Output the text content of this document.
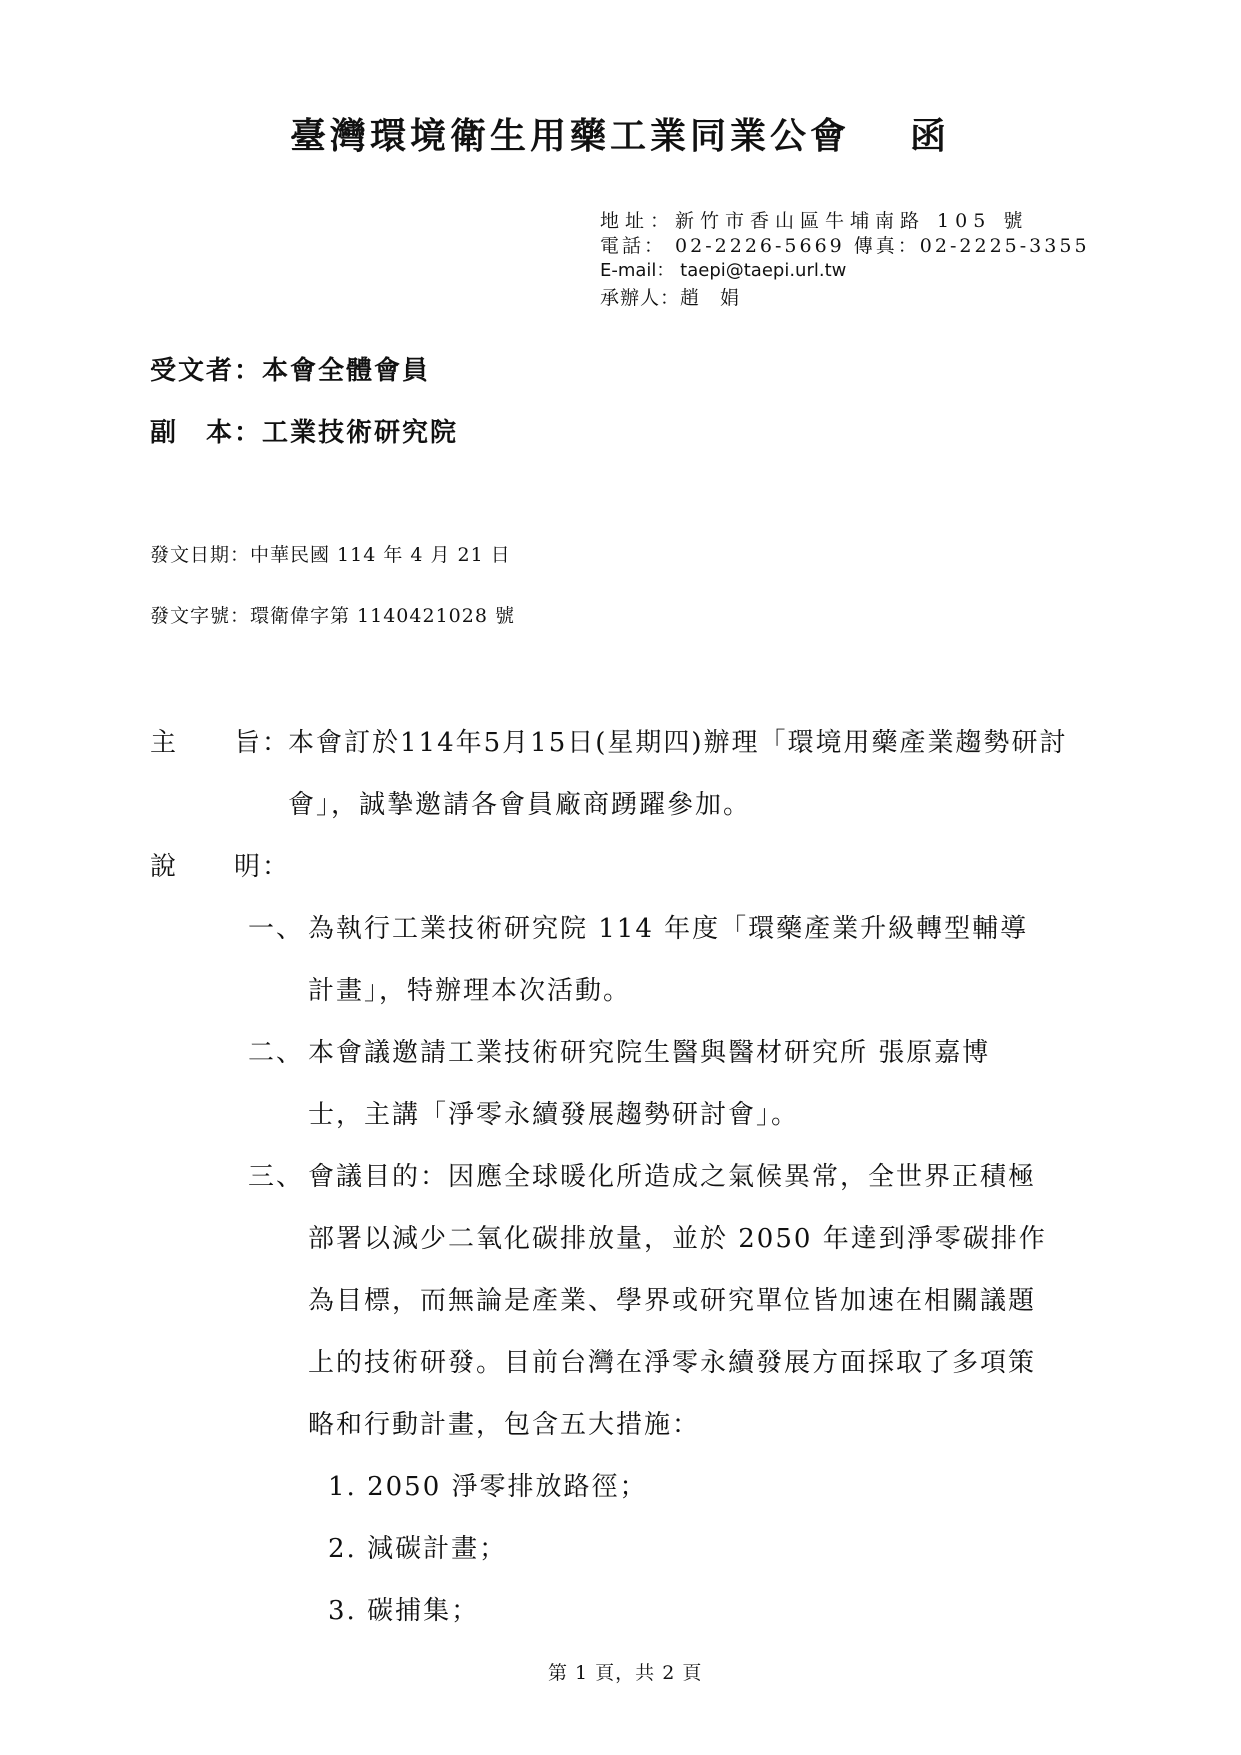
臺灣環境衛生用藥工業同業公會 函
地址：新竹市香山區牛埔南路 105 號
電話： 02-2226-5669 傳真：02-2225-3355
E-mail： taepi@taepi.url.tw
承辦人：趙　娟
受文者：本會全體會員
副　本：工業技術研究院
發文日期：中華民國 114 年 4 月 21 日
發文字號：環衛偉字第 1140421028 號
主　　旨：
本會訂於114年5月15日(星期四)辦理「環境用藥產業趨勢研討
會」，誠摯邀請各會員廠商踴躍參加。
說　　明：
一、 為執行工業技術研究院 114 年度「環藥產業升級轉型輔導
計畫」，特辦理本次活動。
二、 本會議邀請工業技術研究院生醫與醫材研究所 張原嘉博
士，主講「淨零永續發展趨勢研討會」。
三、 會議目的：因應全球暖化所造成之氣候異常，全世界正積極
部署以減少二氧化碳排放量，並於 2050 年達到淨零碳排作
為目標，而無論是產業、學界或研究單位皆加速在相關議題
上的技術研發。目前台灣在淨零永續發展方面採取了多項策
略和行動計畫，包含五大措施：
1. 2050 淨零排放路徑；
2. 減碳計畫；
3. 碳捕集；
第 1 頁，共 2 頁
